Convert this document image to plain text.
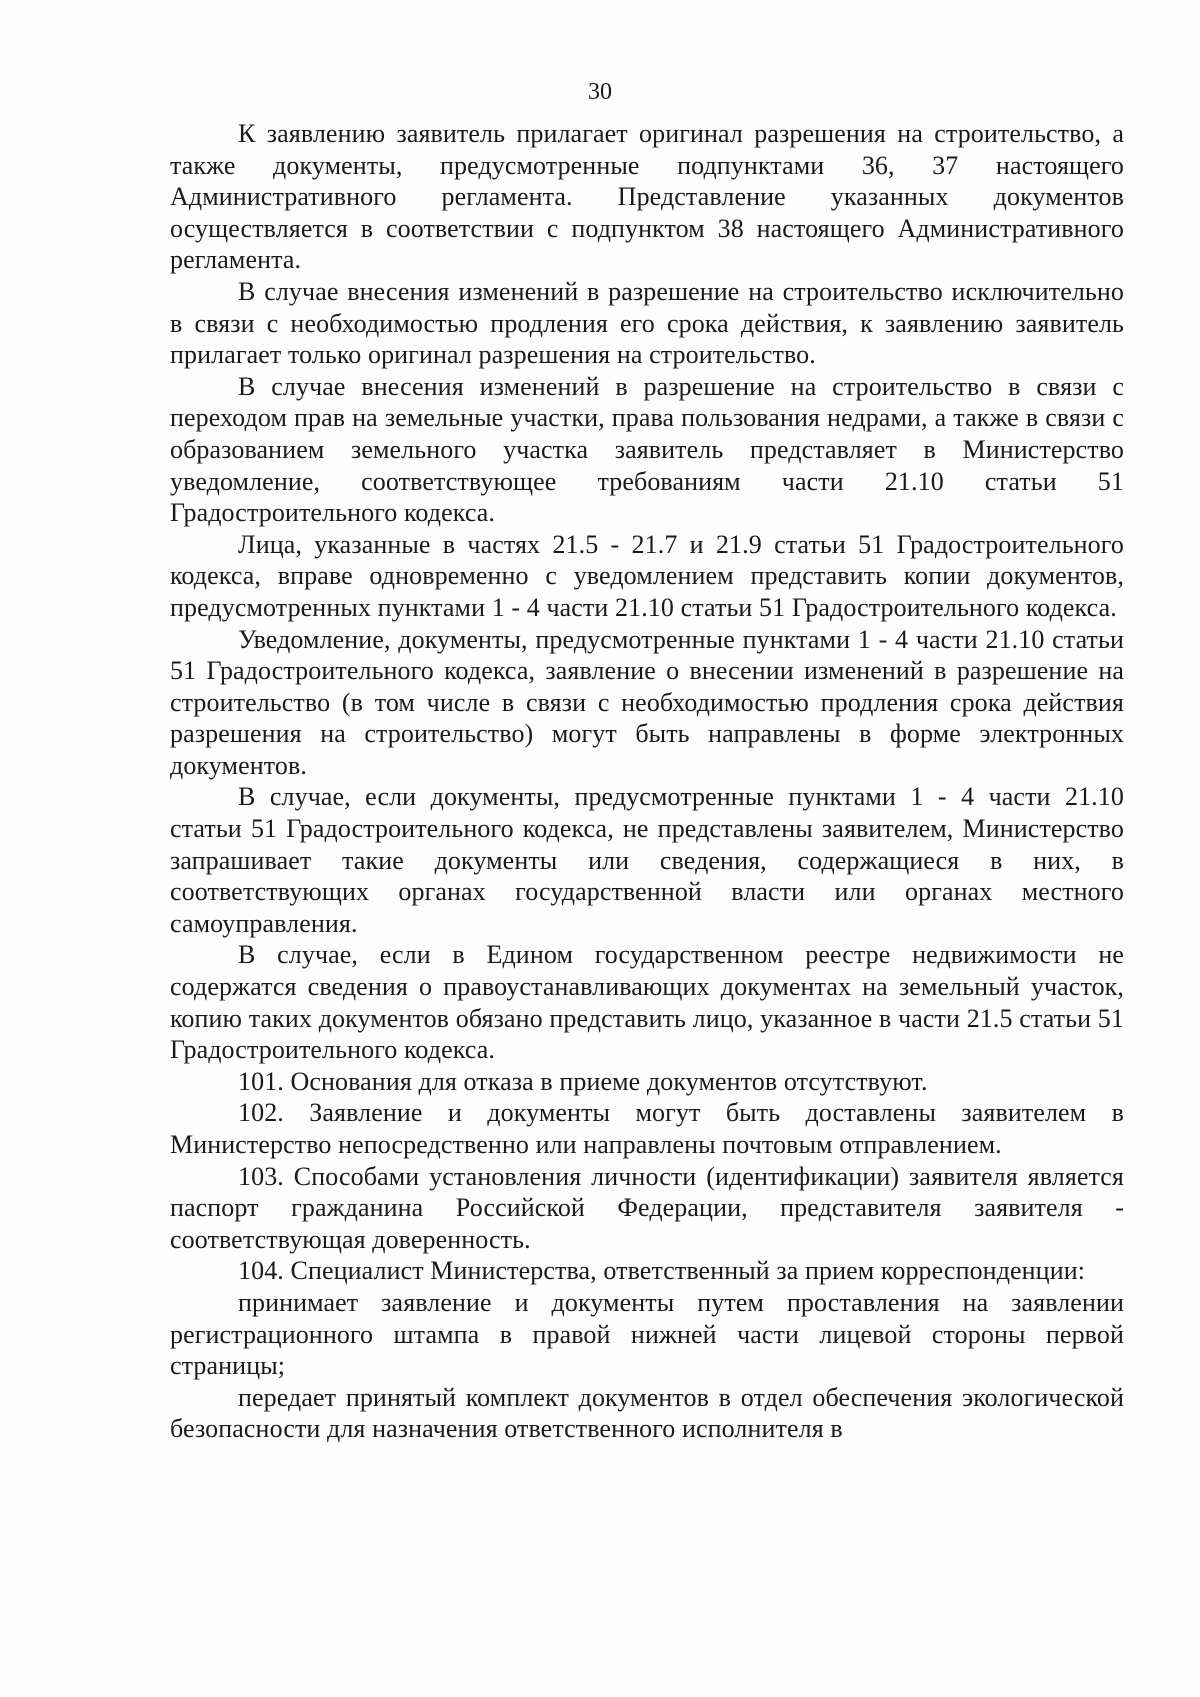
30

К заявлению заявитель прилагает оригинал разрешения на строительство, а также документы, предусмотренные подпунктами 36, 37 настоящего Административного регламента. Представление указанных документов осуществляется в соответствии с подпунктом 38 настоящего Административного регламента.

В случае внесения изменений в разрешение на строительство исключительно в связи с необходимостью продления его срока действия, к заявлению заявитель прилагает только оригинал разрешения на строительство.

В случае внесения изменений в разрешение на строительство в связи с переходом прав на земельные участки, права пользования недрами, а также в связи с образованием земельного участка заявитель представляет в Министерство уведомление, соответствующее требованиям части 21.10 статьи 51 Градостроительного кодекса.

Лица, указанные в частях 21.5 - 21.7 и 21.9 статьи 51 Градостроительного кодекса, вправе одновременно с уведомлением представить копии документов, предусмотренных пунктами 1 - 4 части 21.10 статьи 51 Градостроительного кодекса.

Уведомление, документы, предусмотренные пунктами 1 - 4 части 21.10 статьи 51 Градостроительного кодекса, заявление о внесении изменений в разрешение на строительство (в том числе в связи с необходимостью продления срока действия разрешения на строительство) могут быть направлены в форме электронных документов.

В случае, если документы, предусмотренные пунктами 1 - 4 части 21.10 статьи 51 Градостроительного кодекса, не представлены заявителем, Министерство запрашивает такие документы или сведения, содержащиеся в них, в соответствующих органах государственной власти или органах местного самоуправления.

В случае, если в Едином государственном реестре недвижимости не содержатся сведения о правоустанавливающих документах на земельный участок, копию таких документов обязано представить лицо, указанное в части 21.5 статьи 51 Градостроительного кодекса.

101. Основания для отказа в приеме документов отсутствуют.

102. Заявление и документы могут быть доставлены заявителем в Министерство непосредственно или направлены почтовым отправлением.

103. Способами установления личности (идентификации) заявителя является паспорт гражданина Российской Федерации, представителя заявителя - соответствующая доверенность.

104. Специалист Министерства, ответственный за прием корреспонденции:

принимает заявление и документы путем проставления на заявлении регистрационного штампа в правой нижней части лицевой стороны первой страницы;

передает принятый комплект документов в отдел обеспечения экологической безопасности для назначения ответственного исполнителя в
